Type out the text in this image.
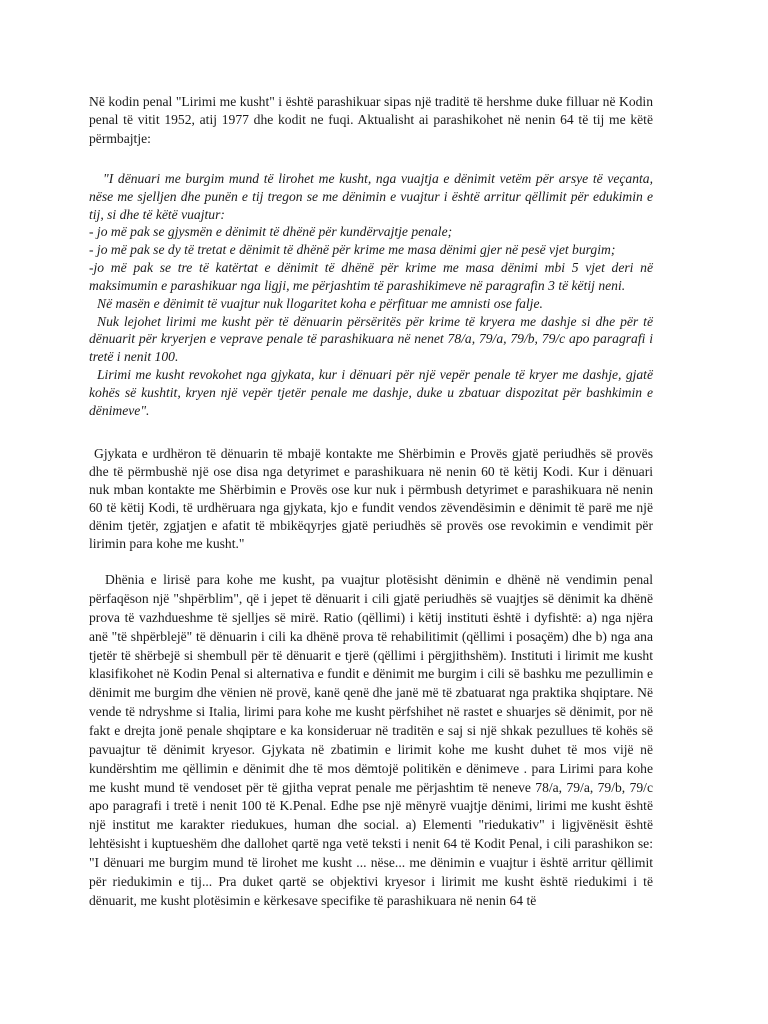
Në kodin penal "Lirimi me kusht" i është parashikuar sipas një traditë të hershme duke filluar në Kodin penal të vitit 1952, atij 1977 dhe kodit ne fuqi. Aktualisht ai parashikohet në nenin 64 të tij me këtë përmbajtje:

"I dënuari me burgim mund të lirohet me kusht, nga vuajtja e dënimit vetëm për arsye të veçanta, nëse me sjelljen dhe punën e tij tregon se me dënimin e vuajtur i është arritur qëllimit për edukimin e tij, si dhe të këtë vuajtur:

- jo më pak se gjysmën e dënimit të dhënë për kundërvajtje penale;

- jo më pak se dy të tretat e dënimit të dhënë për krime me masa dënimi gjer në pesë vjet burgim;

-jo më pak se tre të katërtat e dënimit të dhënë për krime me masa dënimi mbi 5 vjet deri në maksimumin e parashikuar nga ligji, me përjashtim të parashikimeve në paragrafin 3 të këtij neni.

Në masën e dënimit të vuajtur nuk llogaritet koha e përfituar me amnisti ose falje.

Nuk lejohet lirimi me kusht për të dënuarin përsëritës për krime të kryera me dashje si dhe për të dënuarit për kryerjen e veprave penale të parashikuara në nenet 78/a, 79/a, 79/b, 79/c apo paragrafi i tretë i nenit 100.

Lirimi me kusht revokohet nga gjykata, kur i dënuari për një vepër penale të kryer me dashje, gjatë kohës së kushtit, kryen një vepër tjetër penale me dashje, duke u zbatuar dispozitat për bashkimin e dënimeve".

Gjykata e urdhëron të dënuarin të mbajë kontakte me Shërbimin e Provës gjatë periudhës së provës dhe të përmbushë një ose disa nga detyrimet e parashikuara në nenin 60 të këtij Kodi. Kur i dënuari nuk mban kontakte me Shërbimin e Provës ose kur nuk i përmbush detyrimet e parashikuara në nenin 60 të këtij Kodi, të urdhëruara nga gjykata, kjo e fundit vendos zëvendësimin e dënimit të parë me një dënim tjetër, zgjatjen e afatit të mbikëqyrjes gjatë periudhës së provës ose revokimin e vendimit për lirimin para kohe me kusht."

Dhënia e lirisë para kohe me kusht, pa vuajtur plotësisht dënimin e dhënë në vendimin penal përfaqëson një "shpërblim", që i jepet të dënuarit i cili gjatë periudhës së vuajtjes së dënimit ka dhënë prova të vazhdueshme të sjelljes së mirë. Ratio (qëllimi) i këtij instituti është i dyfishtë: a) nga njëra anë "të shpërblejë" të dënuarin i cili ka dhënë prova të rehabilitimit (qëllimi i posaçëm) dhe b) nga ana tjetër të shërbejë si shembull për të dënuarit e tjerë (qëllimi i përgjithshëm). Instituti i lirimit me kusht klasifikohet në Kodin Penal si alternativa e fundit e dënimit me burgim i cili së bashku me pezullimin e dënimit me burgim dhe vënien në provë, kanë qenë dhe janë më të zbatuarat nga praktika shqiptare. Në vende të ndryshme si Italia, lirimi para kohe me kusht përfshihet në rastet e shuarjes së dënimit, por në fakt e drejta jonë penale shqiptare e ka konsideruar në traditën e saj si një shkak pezullues të kohës së pavuajtur të dënimit kryesor. Gjykata në zbatimin e lirimit kohe me kusht duhet të mos vijë në kundërshtim me qëllimin e dënimit dhe të mos dëmtojë politikën e dënimeve . para Lirimi para kohe me kusht mund të vendoset për të gjitha veprat penale me përjashtim të neneve 78/a, 79/a, 79/b, 79/c apo paragrafi i tretë i nenit 100 të K.Penal. Edhe pse një mënyrë vuajtje dënimi, lirimi me kusht është një institut me karakter riedukues, human dhe social. a) Elementi "riedukativ" i ligjvënësit është lehtësisht i kuptueshëm dhe dallohet qartë nga vetë teksti i nenit 64 të Kodit Penal, i cili parashikon se: "I dënuari me burgim mund të lirohet me kusht ... nëse... me dënimin e vuajtur i është arritur qëllimit për riedukimin e tij... Pra duket qartë se objektivi kryesor i lirimit me kusht është riedukimi i të dënuarit, me kusht plotësimin e kërkesave specifike të parashikuara në nenin 64 të
